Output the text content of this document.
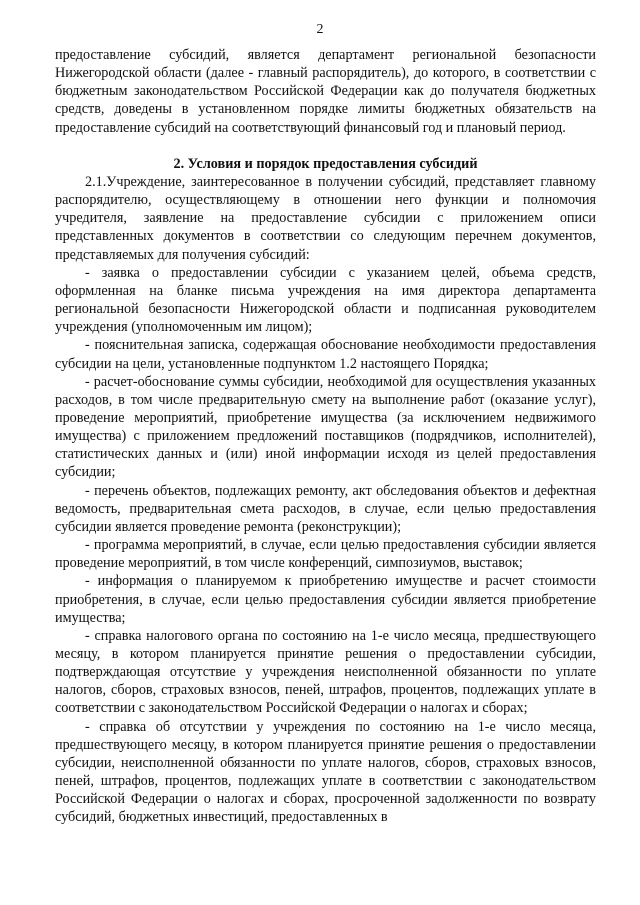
2

предоставление субсидий, является департамент региональной безопасности Нижегородской области (далее - главный распорядитель), до которого, в соответствии с бюджетным законодательством Российской Федерации как до получателя бюджетных средств, доведены в установленном порядке лимиты бюджетных обязательств на предоставление субсидий на соответствующий финансовый год и плановый период.

2. Условия и порядок предоставления субсидий

2.1.Учреждение, заинтересованное в получении субсидий, представляет главному распорядителю, осуществляющему в отношении него функции и полномочия учредителя, заявление на предоставление субсидии с приложением описи представленных документов в соответствии со следующим перечнем документов, представляемых для получения субсидий:

- заявка о предоставлении субсидии с указанием целей, объема средств, оформленная на бланке письма учреждения на имя директора департамента региональной безопасности Нижегородской области и подписанная руководителем учреждения (уполномоченным им лицом);

- пояснительная записка, содержащая обоснование необходимости предоставления субсидии на цели, установленные подпунктом 1.2 настоящего Порядка;

- расчет-обоснование суммы субсидии, необходимой для осуществления указанных расходов, в том числе предварительную смету на выполнение работ (оказание услуг), проведение мероприятий, приобретение имущества (за исключением недвижимого имущества) с приложением предложений поставщиков (подрядчиков, исполнителей), статистических данных и (или) иной информации исходя из целей предоставления субсидии;

- перечень объектов, подлежащих ремонту, акт обследования объектов и дефектная ведомость, предварительная смета расходов, в случае, если целью предоставления субсидии является проведение ремонта (реконструкции);

- программа мероприятий, в случае, если целью предоставления субсидии является проведение мероприятий, в том числе конференций, симпозиумов, выставок;

- информация о планируемом к приобретению имуществе и расчет стоимости приобретения, в случае, если целью предоставления субсидии является приобретение имущества;

- справка налогового органа по состоянию на 1-е число месяца, предшествующего месяцу, в котором планируется принятие решения о предоставлении субсидии, подтверждающая отсутствие у учреждения неисполненной обязанности по уплате налогов, сборов, страховых взносов, пеней, штрафов, процентов, подлежащих уплате в соответствии с законодательством Российской Федерации о налогах и сборах;

- справка об отсутствии у учреждения по состоянию на 1-е число месяца, предшествующего месяцу, в котором планируется принятие решения о предоставлении субсидии, неисполненной обязанности по уплате налогов, сборов, страховых взносов, пеней, штрафов, процентов, подлежащих уплате в соответствии с законодательством Российской Федерации о налогах и сборах, просроченной задолженности по возврату субсидий, бюджетных инвестиций, предоставленных в
